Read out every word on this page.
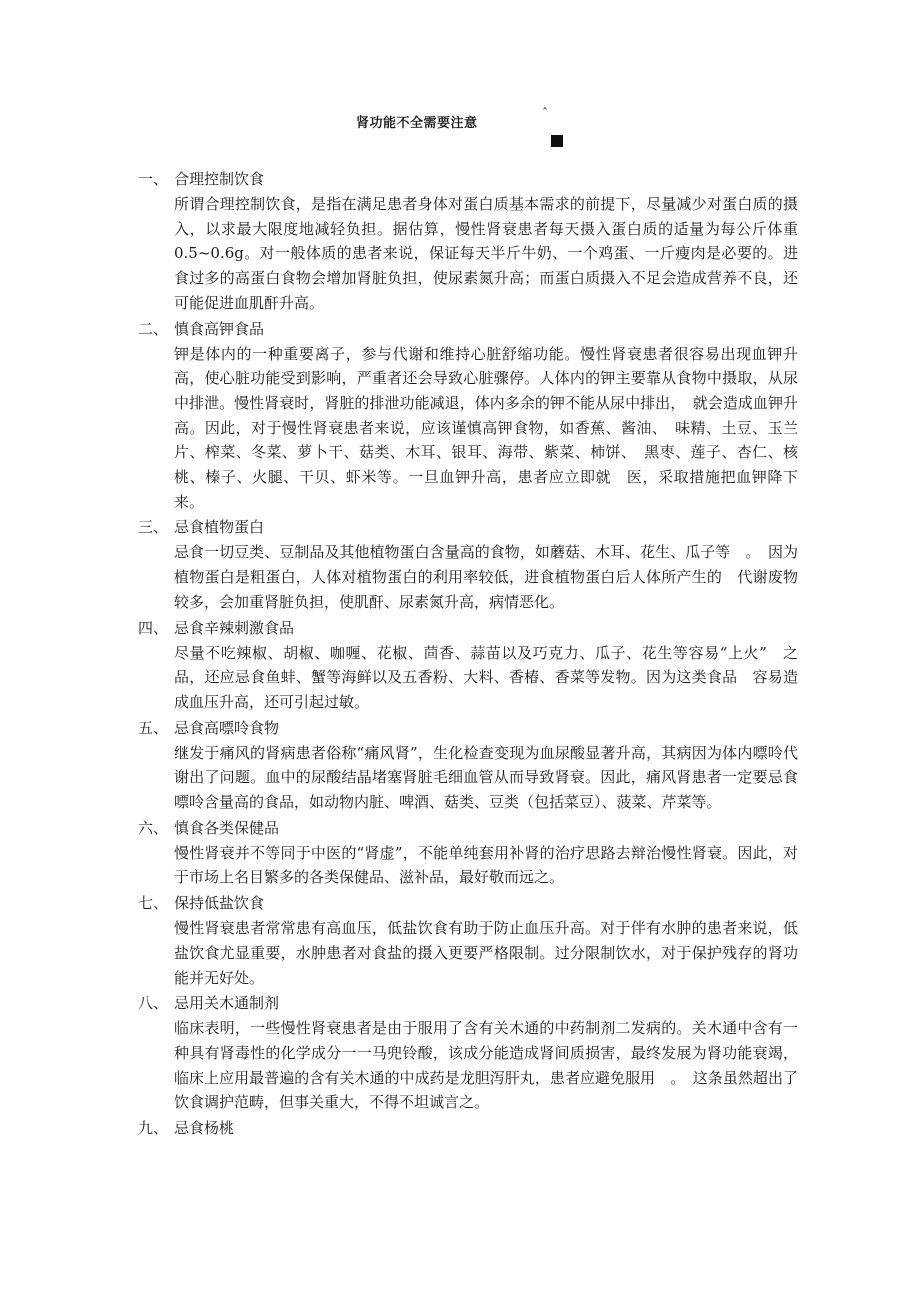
肾功能不全需要注意
ˆ
一、 合理控制饮食
所谓合理控制饮食，是指在满足患者身体对蛋白质基本需求的前提下，尽量减少对蛋白质的摄入，以求最大限度地减轻负担。据估算，慢性肾衰患者每天摄入蛋白质的适量为每公斤体重0.5~0.6g。对一般体质的患者来说，保证每天半斤牛奶、一个鸡蛋、一斤瘦肉是必要的。进食过多的高蛋白食物会增加肾脏负担，使尿素氮升高；而蛋白质摄入不足会造成营养不良，还可能促进血肌酐升高。
二、 慎食高钾食品
钾是体内的一种重要离子，参与代谢和维持心脏舒缩功能。慢性肾衰患者很容易出现血钾升高，使心脏功能受到影响，严重者还会导致心脏骤停。人体内的钾主要靠从食物中摄取，从尿中排泄。慢性肾衰时，肾脏的排泄功能减退，体内多余的钾不能从尿中排出，　就会造成血钾升高。因此，对于慢性肾衰患者来说，应该谨慎高钾食物，如香蕉、酱油、　味精、土豆、玉兰片、榨菜、冬菜、萝卜干、菇类、木耳、银耳、海带、紫菜、柿饼、　黑枣、莲子、杏仁、核桃、榛子、火腿、干贝、虾米等。一旦血钾升高，患者应立即就　医，采取措施把血钾降下来。
三、 忌食植物蛋白
忌食一切豆类、豆制品及其他植物蛋白含量高的食物，如蘑菇、木耳、花生、瓜子等　。　因为植物蛋白是粗蛋白，人体对植物蛋白的利用率较低，进食植物蛋白后人体所产生的　代谢废物较多，会加重肾脏负担，使肌酐、尿素氮升高，病情恶化。
四、 忌食辛辣刺激食品
尽量不吃辣椒、胡椒、咖喱、花椒、茴香、蒜苗以及巧克力、瓜子、花生等容易“上火”　之品，还应忌食鱼蚌、蟹等海鲜以及五香粉、大料、香椿、香菜等发物。因为这类食品　容易造成血压升高，还可引起过敏。
五、 忌食高嘌呤食物
继发于痛风的肾病患者俗称“痛风肾”，生化检查变现为血尿酸显著升高，其病因为体内嘌呤代谢出了问题。血中的尿酸结晶堵塞肾脏毛细血管从而导致肾衰。因此，痛风肾患者一定要忌食嘌呤含量高的食品，如动物内脏、啤酒、菇类、豆类（包括菜豆）、菠菜、芹菜等。
六、 慎食各类保健品
慢性肾衰并不等同于中医的“肾虚”，不能单纯套用补肾的治疗思路去辩治慢性肾衰。因此，对于市场上名目繁多的各类保健品、滋补品，最好敬而远之。
七、 保持低盐饮食
慢性肾衰患者常常患有高血压，低盐饮食有助于防止血压升高。对于伴有水肿的患者来说，低盐饮食尤显重要，水肿患者对食盐的摄入更要严格限制。过分限制饮水，对于保护残存的肾功能并无好处。
八、 忌用关木通制剂
临床表明，一些慢性肾衰患者是由于服用了含有关木通的中药制剂二发病的。关木通中含有一种具有肾毒性的化学成分一一马兜铃酸，该成分能造成肾间质损害，最终发展为肾功能衰竭，临床上应用最普遍的含有关木通的中成药是龙胆泻肝丸，患者应避免服用　。　这条虽然超出了饮食调护范畴，但事关重大，不得不坦诚言之。
九、 忌食杨桃
